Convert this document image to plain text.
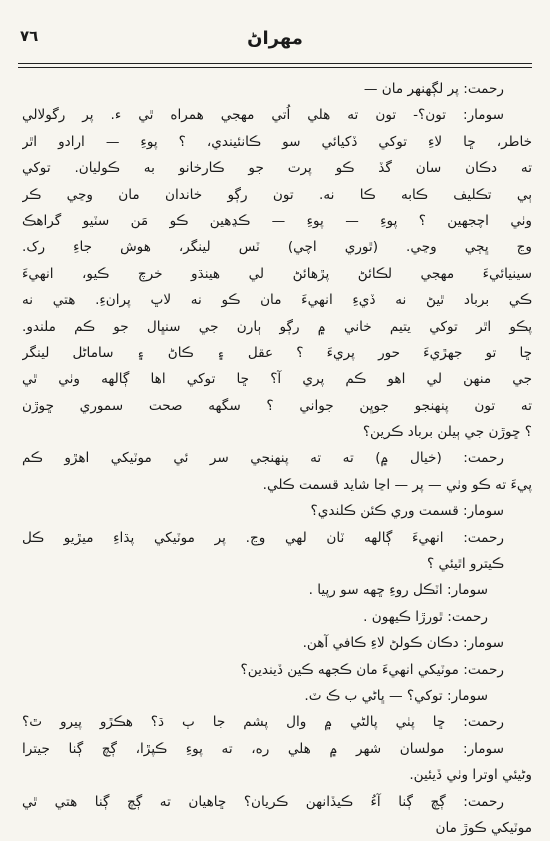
٧٦	مهراڻ
رحمت: پر لڳهنهر مان —
سومار: تون؟- تون ته هلي اُتي مهجي همراه ٿي ء. پر رگولالي
خاطر، ڇا لاءِ توکي ڏکيائي سو ڪانئيندي، ؟ پوءِ — ارادو اٿر
ته دڪان سان گڏ ڪو پرت جو ڪارخانو به ڪوليان. توکي
ٻي تڪليف ڪابه ڪا نه. تون رڳو خاندان مان وڃي ڪر
وٺي اچجهين ؟ پوءِ — پوءِ — ڪڍهين ڪو مَن سٽيو گراهڪ
وڃ ڀڄي وڃي. (ٿوري اچي) ٽس لينگر، هوش جاءِ رک.
سينيائيءَ مهجي لڪائڻ پڙهائڻ لي هينڌو خرچ ڪيو، انهيءَ
ڪي برباد ٿيڻ نه ڏيءِ انهيءَ مان ڪو نه لاڀ پرانءِ. هتي نه
پڪو اٿر توکي يتيم خاني ۾ رڳو ٻارن جي سنڀال جو ڪم ملندو.
ڇا تو جهڙيءَ حور پريءَ ؟ عقل ۽ ڪاڻ ۽ ساماڻل لينگر
جي منهن لي اهو ڪم پري آ؟ ڇا توکي اها ڳالهه وٺي ٿي
ته تون پنهنجو جوڀن جواني ؟ سگهه صحت سموري ڇوڙن
؟ ڇوڙن جي ٻيلن برباد ڪرين؟
رحمت: (خيال ۾) ته ته پنهنجي سر ئي موٽيکي اهڙو ڪم
پيءَ ته ڪو وٺي — پر — اڃا شايد قسمت ڪلي.
سومار: قسمت وري ڪئن ڪلندي؟
رحمت: انهيءَ ڳالهه ٽان لهي وڃ. پر موٽيکي پڌاءِ ميڙيو ڪل
ڪيترو اٿيئي ؟
سومار: اٽڪل روءِ ڇهه سو رپيا .
رحمت: ٿورڙا ڪيهون .
سومار: دڪان ڪولڻ لاءِ ڪافي آهن.
رحمت: موٽيکي انهيءَ مان ڪجهه ڪين ڏيندين؟
سومار: توکي؟ — ڀاڻي ب ڪ ٽ.
رحمت: ڇا پٺي پالڻي ۾ وال پشم جا ٻ ڌ؟ هڪڙو پيرو ٿ؟
سومار: مولسان شهر ۾ هلي ره، ته پوءِ ڪپڙا، ڳچ ڳنا جيترا
وڻيئي اوترا وٺي ڏيئين.
رحمت: ڳچ ڳنا آءُ ڪيڏانهن ڪريان؟ ڇاهيان ته ڳچ ڳنا هتي ٿي
موٽيکي ڪوڙ مان
